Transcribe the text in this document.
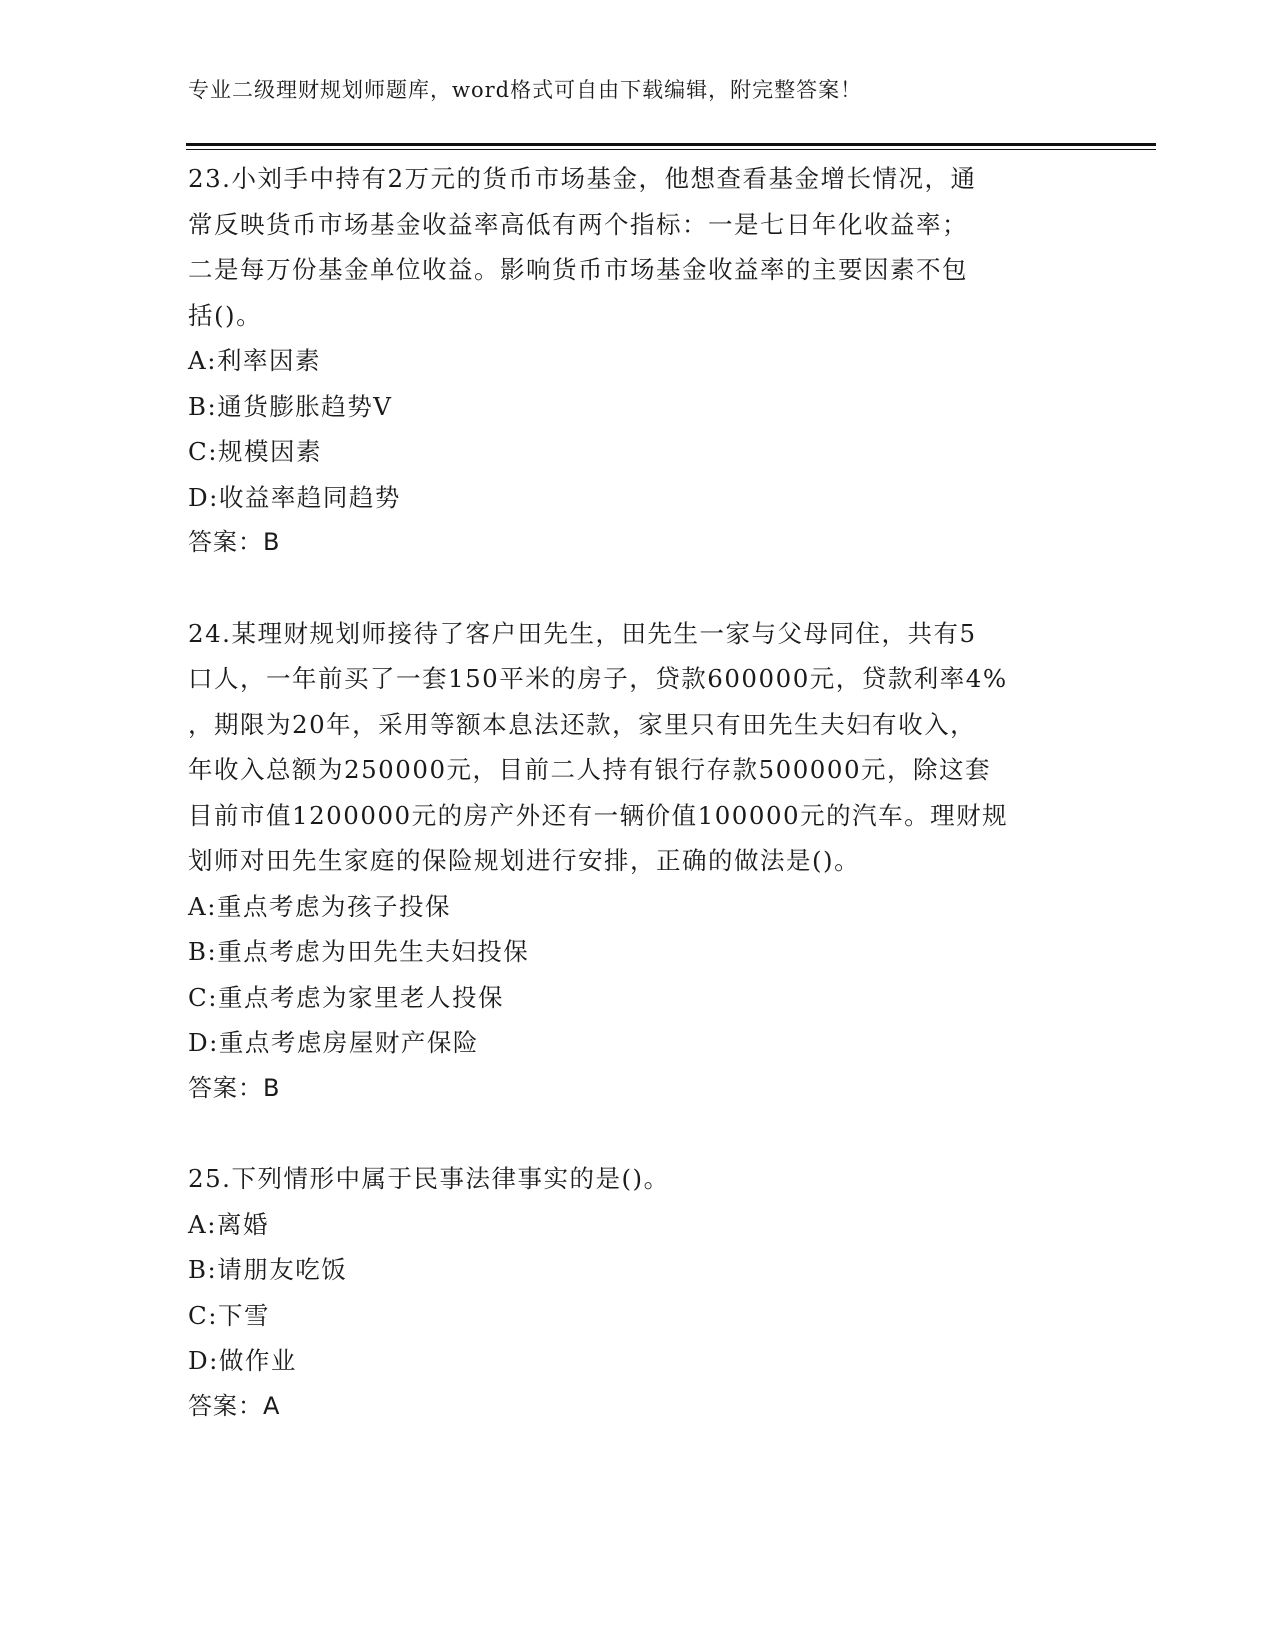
专业二级理财规划师题库，word格式可自由下载编辑，附完整答案！
23.小刘手中持有2万元的货币市场基金，他想查看基金增长情况，通
常反映货币市场基金收益率高低有两个指标：一是七日年化收益率；
二是每万份基金单位收益。影响货币市场基金收益率的主要因素不包
括()。
A:利率因素
B:通货膨胀趋势V
C:规模因素
D:收益率趋同趋势
答案：B
24.某理财规划师接待了客户田先生，田先生一家与父母同住，共有5
口人，一年前买了一套150平米的房子，贷款600000元，贷款利率4%
，期限为20年，采用等额本息法还款，家里只有田先生夫妇有收入，
年收入总额为250000元，目前二人持有银行存款500000元，除这套
目前市值1200000元的房产外还有一辆价值100000元的汽车。理财规
划师对田先生家庭的保险规划进行安排，正确的做法是()。
A:重点考虑为孩子投保
B:重点考虑为田先生夫妇投保
C:重点考虑为家里老人投保
D:重点考虑房屋财产保险
答案：B
25.下列情形中属于民事法律事实的是()。
A:离婚
B:请朋友吃饭
C:下雪
D:做作业
答案：A
